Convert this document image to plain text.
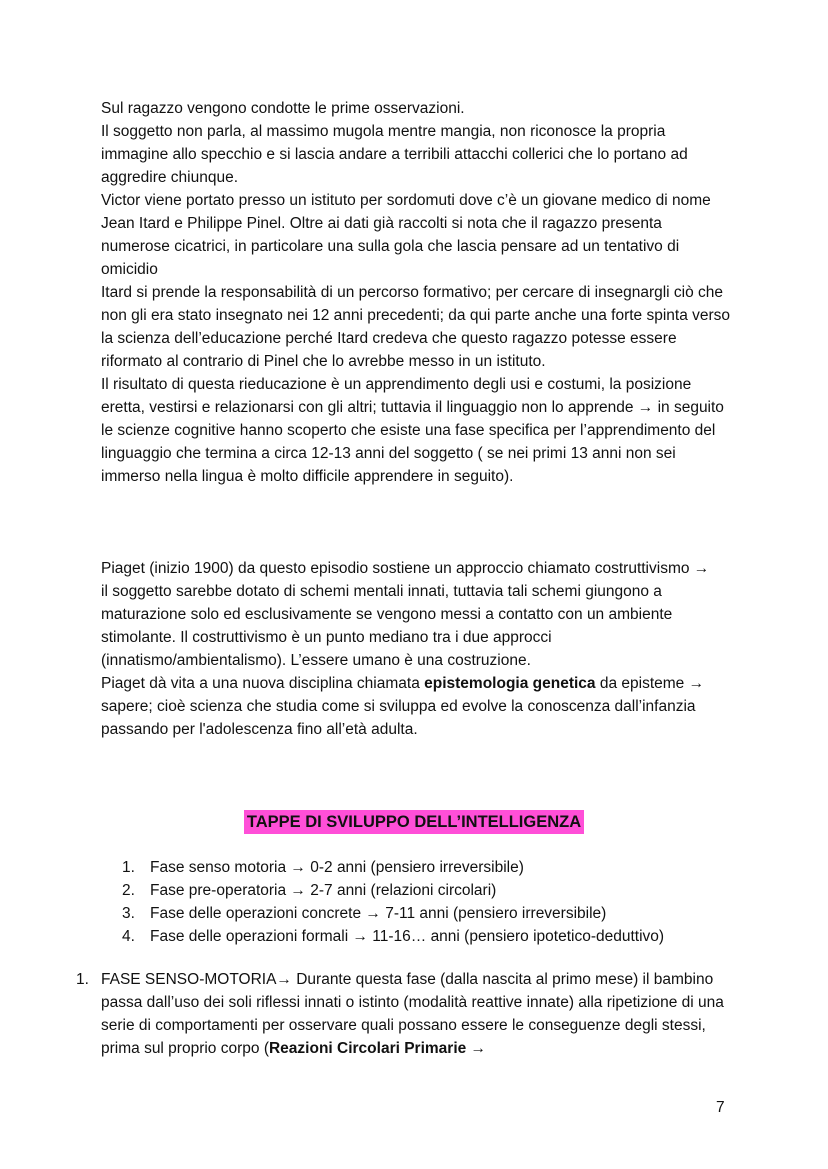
Sul ragazzo vengono condotte le prime osservazioni.

Il soggetto non parla, al massimo mugola mentre mangia, non riconosce la propria immagine allo specchio e si lascia andare a terribili attacchi collerici che lo portano ad aggredire chiunque.

Victor viene portato presso un istituto per sordomuti dove c’è un giovane medico di nome Jean Itard e Philippe Pinel. Oltre ai dati già raccolti si nota che il ragazzo presenta numerose cicatrici, in particolare una sulla gola che lascia pensare ad un tentativo di omicidio

Itard si prende la responsabilità di un percorso formativo; per cercare di insegnargli ciò che non gli era stato insegnato nei 12 anni precedenti; da qui parte anche una forte spinta verso la scienza dell’educazione perché Itard credeva che questo ragazzo potesse essere riformato al contrario di Pinel che lo avrebbe messo in un istituto.

Il risultato di questa rieducazione è un apprendimento degli usi e costumi, la posizione eretta, vestirsi e relazionarsi con gli altri; tuttavia il linguaggio non lo apprende → in seguito le scienze cognitive hanno scoperto che esiste una fase specifica per l’apprendimento del linguaggio che termina a circa 12-13 anni del soggetto ( se nei primi 13 anni non sei immerso nella lingua è molto difficile apprendere in seguito).

Piaget (inizio 1900) da questo episodio sostiene un approccio chiamato costruttivismo →

il soggetto sarebbe dotato di schemi mentali innati, tuttavia tali schemi giungono a maturazione solo ed esclusivamente se vengono messi a contatto con un ambiente stimolante. Il costruttivismo è un punto mediano tra i due approcci (innatismo/ambientalismo). L’essere umano è una costruzione.

Piaget dà vita a una nuova disciplina chiamata epistemologia genetica da episteme → sapere; cioè scienza che studia come si sviluppa ed evolve la conoscenza dall’infanzia passando per l'adolescenza fino all’età adulta.

TAPPE DI SVILUPPO DELL’INTELLIGENZA
1. Fase senso motoria → 0-2 anni (pensiero irreversibile)
2. Fase pre-operatoria → 2-7 anni (relazioni circolari)
3. Fase delle operazioni concrete → 7-11 anni (pensiero irreversibile)
4. Fase delle operazioni formali → 11-16… anni (pensiero ipotetico-deduttivo)
1. FASE SENSO-MOTORIA→ Durante questa fase (dalla nascita al primo mese) il bambino passa dall’uso dei soli riflessi innati o istinto (modalità reattive innate) alla ripetizione di una serie di comportamenti per osservare quali possano essere le conseguenze degli stessi, prima sul proprio corpo (Reazioni Circolari Primarie →
7
